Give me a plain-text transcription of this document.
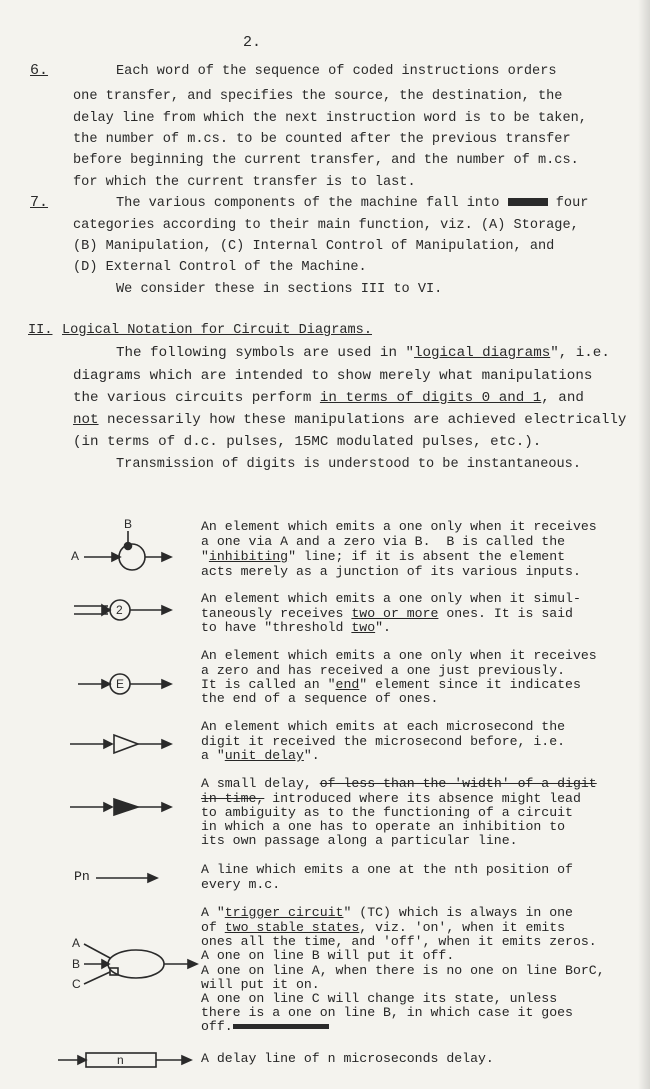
2.
6.	Each word of the sequence of coded instructions orders
one transfer, and specifies the source, the destination, the
delay line from which the next instruction word is to be taken,
the number of m.cs. to be counted after the previous transfer
before beginning the current transfer, and the number of m.cs.
for which the current transfer is to last.
7.	The various components of the machine fall into	four
categories according to their main function, viz. (A) Storage,
(B) Manipulation, (C) Internal Control of Manipulation, and
(D) External Control of the Machine.
We consider these in sections III to VI.
II. Logical Notation for Circuit Diagrams.
The following symbols are used in "logical diagrams", i.e.
diagrams which are intended to show merely what manipulations
the various circuits perform in terms of digits 0 and 1, and
not necessarily how these manipulations are achieved electrically
(in terms of d.c. pulses, 15MC modulated pulses, etc.).
Transmission of digits is understood to be instantaneous.
B
A
An element which emits a one only when it receives
a one via A and a zero via B.  B is called the
"inhibiting" line; if it is absent the element
acts merely as a junction of its various inputs.
2
An element which emits a one only when it simul-
taneously receives two or more ones. It is said
to have "threshold two".
E
An element which emits a one only when it receives
a zero and has received a one just previously.
It is called an "end" element since it indicates
the end of a sequence of ones.
An element which emits at each microsecond the
digit it received the microsecond before, i.e.
a "unit delay".
A small delay, of less than the 'width' of a digit
in time, introduced where its absence might lead
to ambiguity as to the functioning of a circuit
in which a one has to operate an inhibition to
its own passage along a particular line.
Pn	A line which emits a one at the nth position of
every m.c.
A
B
C
A "trigger circuit" (TC) which is always in one
of two stable states, viz. 'on', when it emits
ones all the time, and 'off', when it emits zeros.
A one on line B will put it off.
A one on line A, when there is no one on line BorC,
will put it on.
A one on line C will change its state, unless
there is a one on line B, in which case it goes
off.
n	A delay line of n microseconds delay.
